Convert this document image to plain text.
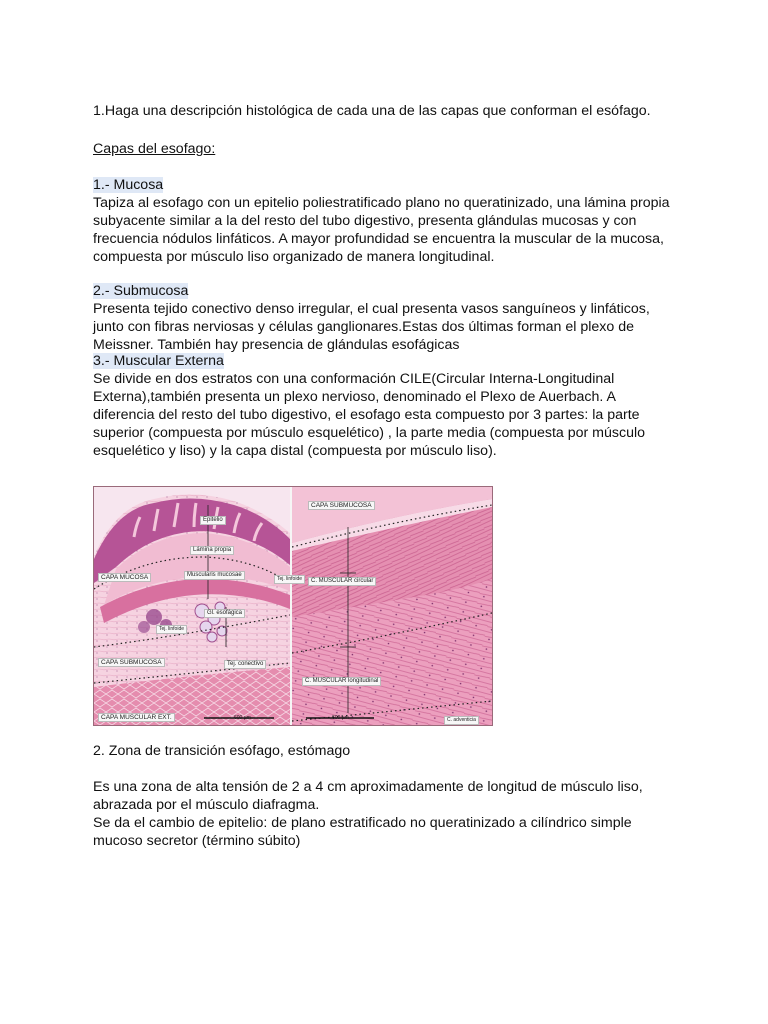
1.Haga una descripción histológica de cada una de las capas que conforman el esófago.
Capas del esofago:
1.- Mucosa
Tapiza al esofago con un epitelio poliestratificado plano no queratinizado, una lámina propia
subyacente similar a la del resto del tubo digestivo, presenta glándulas mucosas y con
frecuencia nódulos linfáticos. A mayor profundidad se encuentra la muscular de la mucosa,
compuesta por músculo liso organizado de manera longitudinal.
2.- Submucosa
Presenta tejido conectivo denso irregular, el cual presenta vasos sanguíneos y linfáticos,
junto con fibras nerviosas y células ganglionares.Estas dos últimas forman el plexo de
Meissner. También hay presencia de glándulas esofágicas
3.- Muscular Externa
Se divide en dos estratos con una conformación CILE(Circular Interna-Longitudinal
Externa),también presenta un plexo nervioso, denominado el Plexo de Auerbach. A
diferencia del resto del tubo digestivo, el esofago esta compuesto por 3 partes: la parte
superior (compuesta por músculo esquelético) , la parte media (compuesta por músculo
esquelético y liso) y la capa distal (compuesta por músculo liso).
2. Zona de transición esófago, estómago
Es una zona de alta tensión de 2 a 4 cm aproximadamente de longitud de músculo liso,
abrazada por el músculo diafragma.
Se da el cambio de epitelio: de plano estratificado no queratinizado a cilíndrico simple
mucoso secretor (término súbito)
Epitelio
Lámina propia
CAPA MUCOSA	Muscularis mucosae
Tej. linfoide
Gl. esofágica
Tej. linfoide
CAPA SUBMUCOSA	Tej. conectivo
CAPA MUSCULAR EXT.	600 µm
CAPA SUBMUCOSA
C. MUSCULAR circular
C. MUSCULAR longitudinal
600 µm	C. adventicia
